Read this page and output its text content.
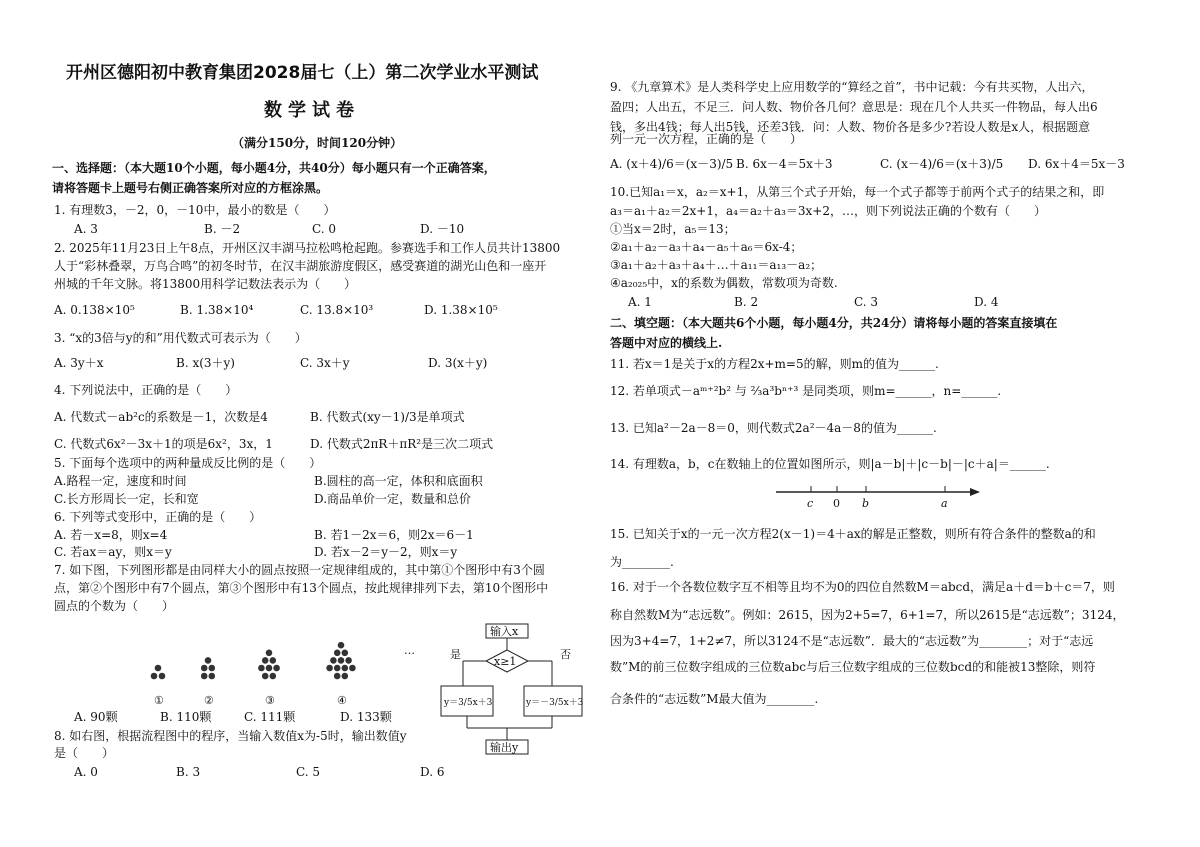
开州区德阳初中教育集团2028届七（上）第二次学业水平测试
数学试卷
（满分150分，时间120分钟）
一、选择题：（本大题10个小题，每小题4分，共40分）每小题只有一个正确答案，
请将答题卡上题号右侧正确答案所对应的方框涂黑。
1. 有理数3，－2，0，－10中，最小的数是（　　）
A. 3	B. －2	C. 0	D. －10
2. 2025年11月23日上午8点，开州区汉丰湖马拉松鸣枪起跑。参赛选手和工作人员共计13800
人于“彩林叠翠，万鸟合鸣”的初冬时节，在汉丰湖旅游度假区，感受赛道的湖光山色和一座开
州城的千年文脉。将13800用科学记数法表示为（　　）
A. 0.138×10⁵	B. 1.38×10⁴	C. 13.8×10³	D. 1.38×10⁵
3. “x的3倍与y的和”用代数式可表示为（　　）
A. 3y＋x	B. x(3＋y)	C. 3x＋y	D. 3(x＋y)
4. 下列说法中，正确的是（　　）
A. 代数式－ab²c的系数是－1，次数是4	B. 代数式(xy－1)/3是单项式
C. 代数式6x²－3x＋1的项是6x²，3x，1	D. 代数式2πR＋πR²是三次二项式
5. 下面每个选项中的两种量成反比例的是（　　）
A.路程一定，速度和时间	B.圆柱的高一定，体积和底面积
C.长方形周长一定，长和宽	D.商品单价一定，数量和总价
6. 下列等式变形中，正确的是（　　）
A. 若－x=8，则x=4	B. 若1－2x＝6，则2x＝6－1
C. 若ax＝ay，则x＝y	D. 若x－2＝y－2，则x＝y
7. 如下图，下列图形都是由同样大小的圆点按照一定规律组成的，其中第①个图形中有3个圆
点，第②个图形中有7个圆点，第③个图形中有13个圆点，按此规律排列下去，第10个图形中
圆点的个数为（　　）
①	②	③	④
…
A. 90颗	B. 110颗	C. 111颗	D. 133颗
8. 如右图，根据流程图中的程序，当输入数值x为-5时，输出数值y
是（　　）
A. 0	B. 3	C. 5	D. 6
输入x
x≥1
是	否
y＝3/5x＋3	y＝－3/5x＋3
输出y
9. 《九章算术》是人类科学史上应用数学的“算经之首”，书中记载：今有共买物，人出六，
盈四；人出五，不足三．问人数、物价各几何？意思是：现在几个人共买一件物品，每人出6
钱，多出4钱；每人出5钱，还差3钱．问：人数、物价各是多少?若设人数是x人，根据题意
列一元一次方程，正确的是（　　）
A. (x＋4)/6＝(x－3)/5 B. 6x－4＝5x＋3	C. (x－4)/6＝(x＋3)/5 D. 6x＋4＝5x－3
10.已知a₁＝x，a₂＝x+1，从第三个式子开始，每一个式子都等于前两个式子的结果之和，即
a₃＝a₁＋a₂＝2x+1，a₄＝a₂＋a₃＝3x+2，…，则下列说法正确的个数有（　　）
①当x＝2时，a₅＝13；
②a₁＋a₂－a₃＋a₄－a₅＋a₆＝6x-4；
③a₁＋a₂＋a₃＋a₄＋…＋a₁₁＝a₁₃－a₂；
④a₂₀₂₅中，x的系数为偶数，常数项为奇数.
A. 1	B. 2	C. 3	D. 4
二、填空题：（本大题共6个小题，每小题4分，共24分）请将每小题的答案直接填在
答题中对应的横线上.
11. 若x＝1是关于x的方程2x+m=5的解，则m的值为______.
12. 若单项式－aᵐ⁺²b² 与 ⅔a³bⁿ⁺³ 是同类项，则m=______，n=______.
13. 已知a²－2a－8＝0，则代数式2a²－4a－8的值为______.
14. 有理数a，b，c在数轴上的位置如图所示，则|a－b|＋|c－b|－|c＋a|＝______.
c 0 b	a
15. 已知关于x的一元一次方程2(x－1)＝4＋ax的解是正整数，则所有符合条件的整数a的和
为________.
16. 对于一个各数位数字互不相等且均不为0的四位自然数M＝abcd，满足a＋d＝b＋c＝7，则
称自然数M为“志远数”。例如：2615，因为2+5=7，6+1=7，所以2615是“志远数”；3124，
因为3+4=7，1+2≠7，所以3124不是“志远数”．最大的“志远数”为________；对于“志远
数”M的前三位数字组成的三位数abc与后三位数字组成的三位数bcd的和能被13整除，则符
合条件的“志远数”M最大值为________.
